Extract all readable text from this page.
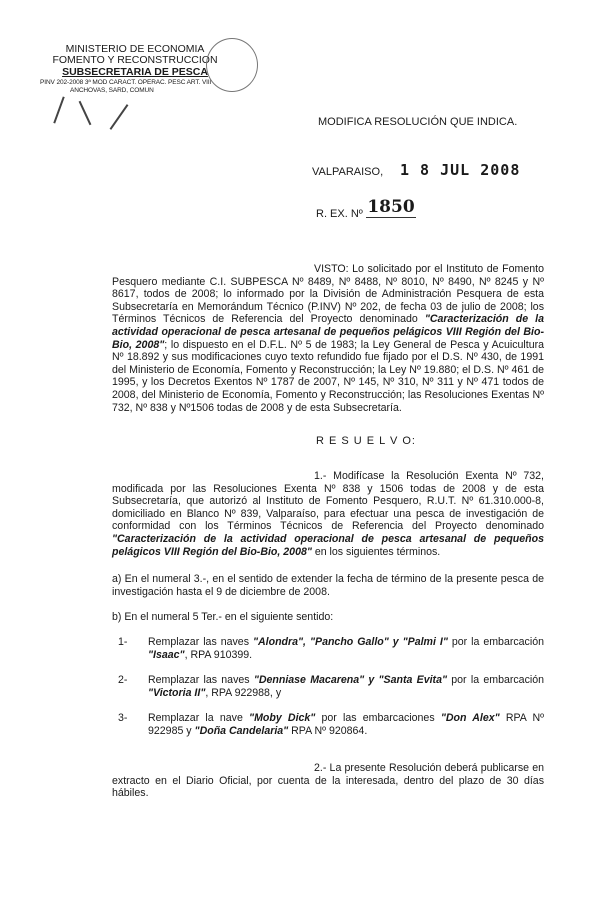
MINISTERIO DE ECONOMIA
FOMENTO Y RECONSTRUCCION
SUBSECRETARIA DE PESCA
PINV 202-2008 3ª MOD CARACT. OPERAC. PESC ART. VIII
ANCHOVAS, SARD, COMUN
MODIFICA RESOLUCIÓN QUE INDICA.
VALPARAISO, 1 8 JUL 2008
R. EX. Nº 1850
VISTO: Lo solicitado por el Instituto de Fomento Pesquero mediante C.I. SUBPESCA Nº 8489, Nº 8488, Nº 8010, Nº 8490, Nº 8245 y Nº 8617, todos de 2008; lo informado por la División de Administración Pesquera de esta Subsecretaría en Memorándum Técnico (P.INV) Nº 202, de fecha 03 de julio de 2008; los Términos Técnicos de Referencia del Proyecto denominado "Caracterización de la actividad operacional de pesca artesanal de pequeños pelágicos VIII Región del Bio-Bio, 2008"; lo dispuesto en el D.F.L. Nº 5 de 1983; la Ley General de Pesca y Acuicultura Nº 18.892 y sus modificaciones cuyo texto refundido fue fijado por el D.S. Nº 430, de 1991 del Ministerio de Economía, Fomento y Reconstrucción; la Ley Nº 19.880; el D.S. Nº 461 de 1995, y los Decretos Exentos Nº 1787 de 2007, Nº 145, Nº 310, Nº 311 y Nº 471 todos de 2008, del Ministerio de Economía, Fomento y Reconstrucción; las Resoluciones Exentas Nº 732, Nº 838 y Nº1506 todas de 2008 y de esta Subsecretaría.
R E S U E L V O:
1.- Modifícase la Resolución Exenta Nº 732, modificada por las Resoluciones Exenta Nº 838 y 1506 todas de 2008 y de esta Subsecretaría, que autorizó al Instituto de Fomento Pesquero, R.U.T. Nº 61.310.000-8, domiciliado en Blanco Nº 839, Valparaíso, para efectuar una pesca de investigación de conformidad con los Términos Técnicos de Referencia del Proyecto denominado "Caracterización de la actividad operacional de pesca artesanal de pequeños pelágicos VIII Región del Bio-Bio, 2008" en los siguientes términos.
a) En el numeral 3.-, en el sentido de extender la fecha de término de la presente pesca de investigación hasta el 9 de diciembre de 2008.
b) En el numeral 5 Ter.- en el siguiente sentido:
1- Remplazar las naves "Alondra", "Pancho Gallo" y "Palmi I" por la embarcación "Isaac", RPA 910399.
2- Remplazar las naves "Denniase Macarena" y "Santa Evita" por la embarcación "Victoria II", RPA 922988, y
3- Remplazar la nave "Moby Dick" por las embarcaciones "Don Alex" RPA Nº 922985 y "Doña Candelaria" RPA Nº 920864.
2.- La presente Resolución deberá publicarse en extracto en el Diario Oficial, por cuenta de la interesada, dentro del plazo de 30 días hábiles.
